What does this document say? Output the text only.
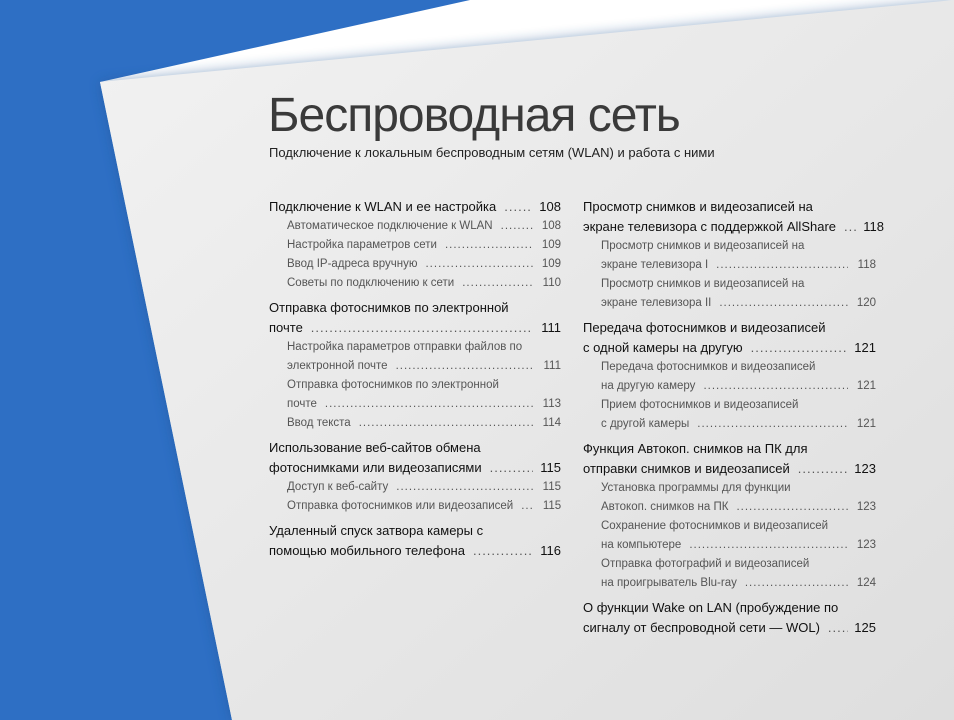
Беспроводная сеть
Подключение к локальным беспроводным сетям (WLAN) и работа с ними
Подключение к WLAN и ее настройка .....	108
Автоматическое подключение к WLAN .....	108
Настройка параметров сети .....	109
Ввод IP-адреса вручную .....	109
Советы по подключению к сети .....	110
Отправка фотоснимков по электронной
почте .....	111
Настройка параметров отправки файлов по
электронной почте .....	111
Отправка фотоснимков по электронной
почте .....	113
Ввод текста .....	114
Использование веб-сайтов обмена
фотоснимками или видеозаписями .....	115
Доступ к веб-сайту .....	115
Отправка фотоснимков или видеозаписей .....	115
Удаленный спуск затвора камеры с
помощью мобильного телефона .....	116
Просмотр снимков и видеозаписей на
экране телевизора с поддержкой AllShare ..... 118
Просмотр снимков и видеозаписей на
экране телевизора I .....	118
Просмотр снимков и видеозаписей на
экране телевизора II .....	120
Передача фотоснимков и видеозаписей
с одной камеры на другую .....	121
Передача фотоснимков и видеозаписей
на другую камеру .....	121
Прием фотоснимков и видеозаписей
с другой камеры .....	121
Функция Автокоп. снимков на ПК для
отправки снимков и видеозаписей .....	123
Установка программы для функции
Автокоп. снимков на ПК .....	123
Сохранение фотоснимков и видеозаписей
на компьютере .....	123
Отправка фотографий и видеозаписей
на проигрыватель Blu-ray .....	124
О функции Wake on LAN (пробуждение по
сигналу от беспроводной сети — WOL) .....	125
